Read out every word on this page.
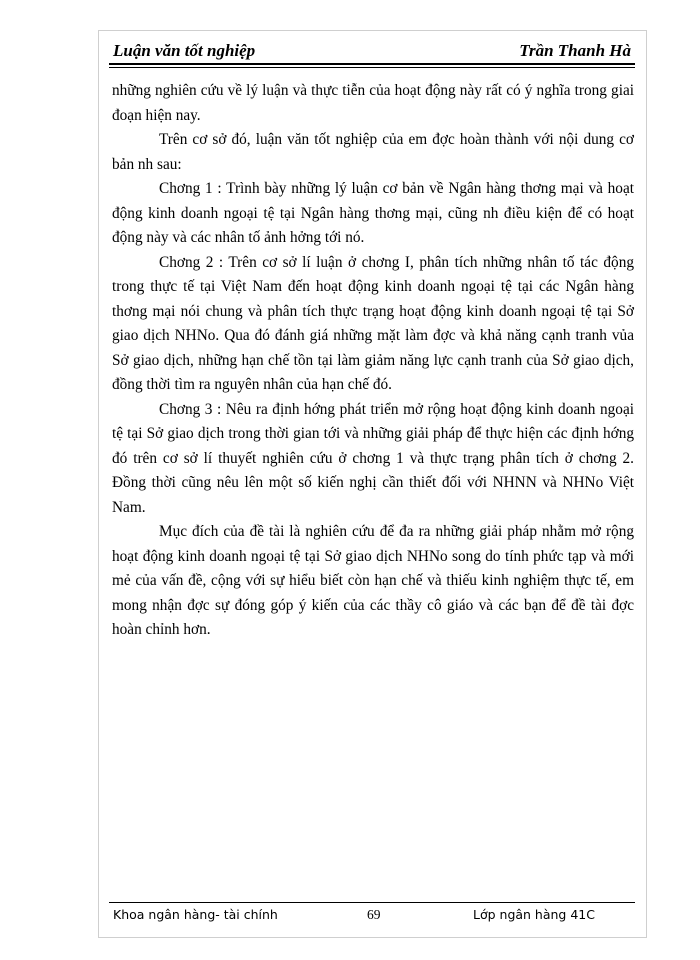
Luận văn tốt nghiệp	Trần Thanh Hà

những nghiên cứu về lý luận và thực tiễn của hoạt động này rất có ý nghĩa trong giai đoạn hiện nay.

Trên cơ sở đó, luận văn tốt nghiệp của em đợc hoàn thành với nội dung cơ bản nh sau:

Chơng 1 : Trình bày những lý luận cơ bản về Ngân hàng thơng mại và hoạt động kinh doanh ngoại tệ tại Ngân hàng thơng mại, cũng nh điều kiện để có hoạt động này và các nhân tố ảnh hởng tới nó.

Chơng 2 : Trên cơ sở lí luận ở chơng I, phân tích những nhân tố tác động trong thực tế tại Việt Nam đến hoạt động kinh doanh ngoại tệ tại các Ngân hàng thơng mại nói chung và phân tích thực trạng hoạt động kinh doanh ngoại tệ tại Sở giao dịch NHNo. Qua đó đánh giá những mặt làm đợc và khả năng cạnh tranh vủa Sở giao dịch, những hạn chế tồn tại làm giảm năng lực cạnh tranh của Sở giao dịch, đồng thời tìm ra nguyên nhân của hạn chế đó.

Chơng 3 : Nêu ra định hớng phát triển mở rộng hoạt động kinh doanh ngoại tệ tại Sở giao dịch trong thời gian tới và những giải pháp để thực hiện các định hớng đó trên cơ sở lí thuyết nghiên cứu ở chơng 1 và thực trạng phân tích ở chơng 2. Đồng thời cũng nêu lên một số kiến nghị cần thiết đối với NHNN và NHNo Việt Nam.

Mục đích của đề tài là nghiên cứu để đa ra những giải pháp nhằm mở rộng hoạt động kinh doanh ngoại tệ tại Sở giao dịch NHNo song do tính phức tạp và mới mẻ của vấn đề, cộng với sự hiểu biết còn hạn chế và thiếu kinh nghiệm thực tế, em mong nhận đợc sự đóng góp ý kiến của các thầy cô giáo và các bạn để đề tài đợc hoàn chỉnh hơn.

Khoa ngân hàng- tài chính	69	Lớp ngân hàng 41C
